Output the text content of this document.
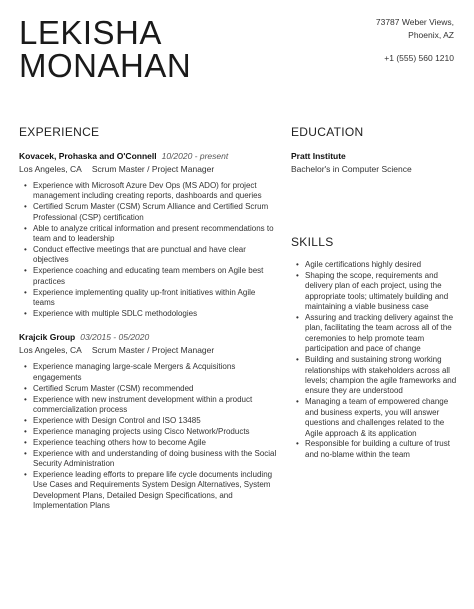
LEKISHA
MONAHAN
73787 Weber Views,
Phoenix, AZ
+1 (555) 560 1210
EXPERIENCE	EDUCATION
Kovacek, Prohaska and O'Connell 10/2020 - present
Los Angeles, CA Scrum Master / Project Manager
• Experience with Microsoft Azure Dev Ops (MS ADO) for project management including creating reports, dashboards and queries
• Certified Scrum Master (CSM) Scrum Alliance and Certified Scrum Professional (CSP) certification
• Able to analyze critical information and present recommendations to team and to leadership
• Conduct effective meetings that are punctual and have clear objectives
• Experience coaching and educating team members on Agile best practices
• Experience implementing quality up-front initiatives within Agile teams
• Experience with multiple SDLC methodologies
Krajcik Group 03/2015 - 05/2020
Los Angeles, CA Scrum Master / Project Manager
• Experience managing large-scale Mergers & Acquisitions engagements
• Certified Scrum Master (CSM) recommended
• Experience with new instrument development within a product commercialization process
• Experience with Design Control and ISO 13485
• Experience managing projects using Cisco Network/Products
• Experience teaching others how to become Agile
• Experience with and understanding of doing business with the Social Security Administration
• Experience leading efforts to prepare life cycle documents including Use Cases and Requirements System Design Alternatives, System Development Plans, Detailed Design Specifications, and Implementation Plans
Pratt Institute
Bachelor's in Computer Science
SKILLS
• Agile certifications highly desired
• Shaping the scope, requirements and delivery plan of each project, using the appropriate tools; ultimately building and maintaining a viable business case
• Assuring and tracking delivery against the plan, facilitating the team across all of the ceremonies to help promote team participation and pace of change
• Building and sustaining strong working relationships with stakeholders across all levels; champion the agile frameworks and ensure they are understood
• Managing a team of empowered change and business experts, you will answer questions and challenges related to the Agile approach & its application
• Responsible for building a culture of trust and no-blame within the team
